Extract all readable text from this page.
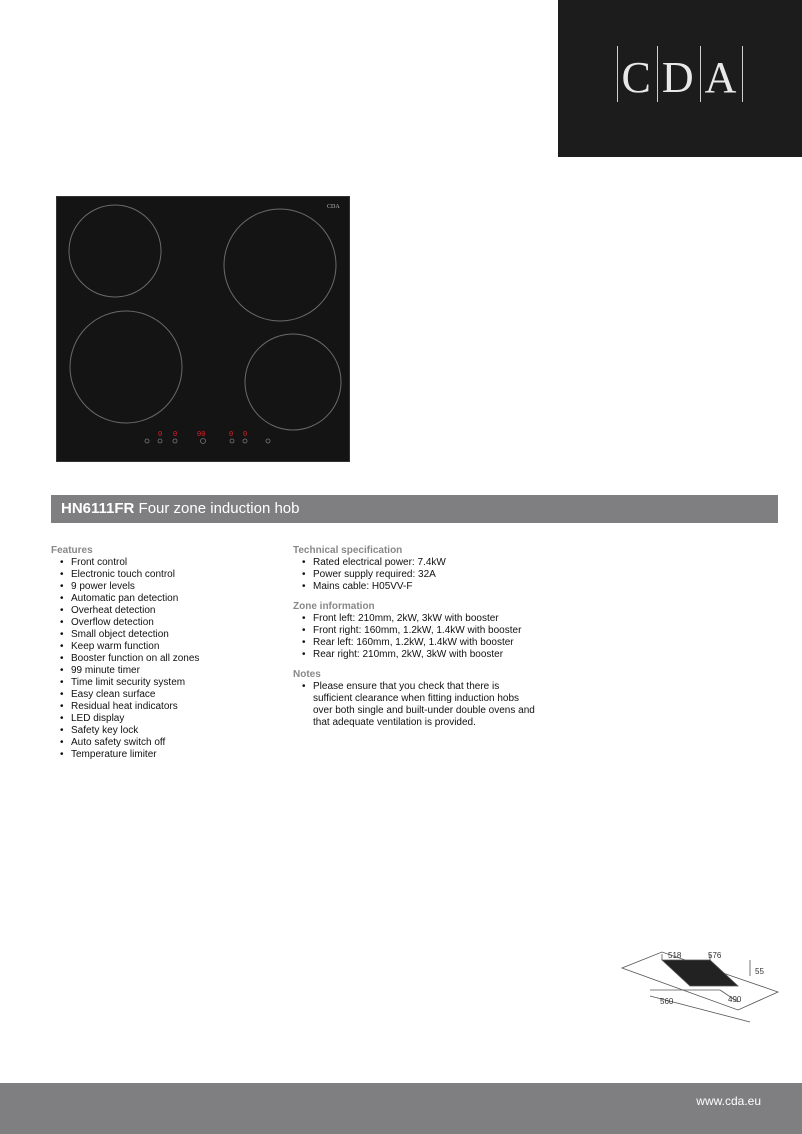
C D A
CDA
0 0	00	0 0
HN6111FR Four zone induction hob
Features
• Front control
• Electronic touch control
• 9 power levels
• Automatic pan detection
• Overheat detection
• Overflow detection
• Small object detection
• Keep warm function
• Booster function on all zones
• 99 minute timer
• Time limit security system
• Easy clean surface
• Residual heat indicators
• LED display
• Safety key lock
• Auto safety switch off
• Temperature limiter
Technical specification
• Rated electrical power: 7.4kW
• Power supply required: 32A
• Mains cable: H05VV-F
Zone information
• Front left: 210mm, 2kW, 3kW with booster
• Front right: 160mm, 1.2kW, 1.4kW with booster
• Rear left: 160mm, 1.2kW, 1.4kW with booster
• Rear right: 210mm, 2kW, 3kW with booster
Notes
• Please ensure that you check that there is sufficient clearance when fitting induction hobs over both single and built-under double ovens and that adequate ventilation is provided.
518	576
55
560	490
www.cda.eu
